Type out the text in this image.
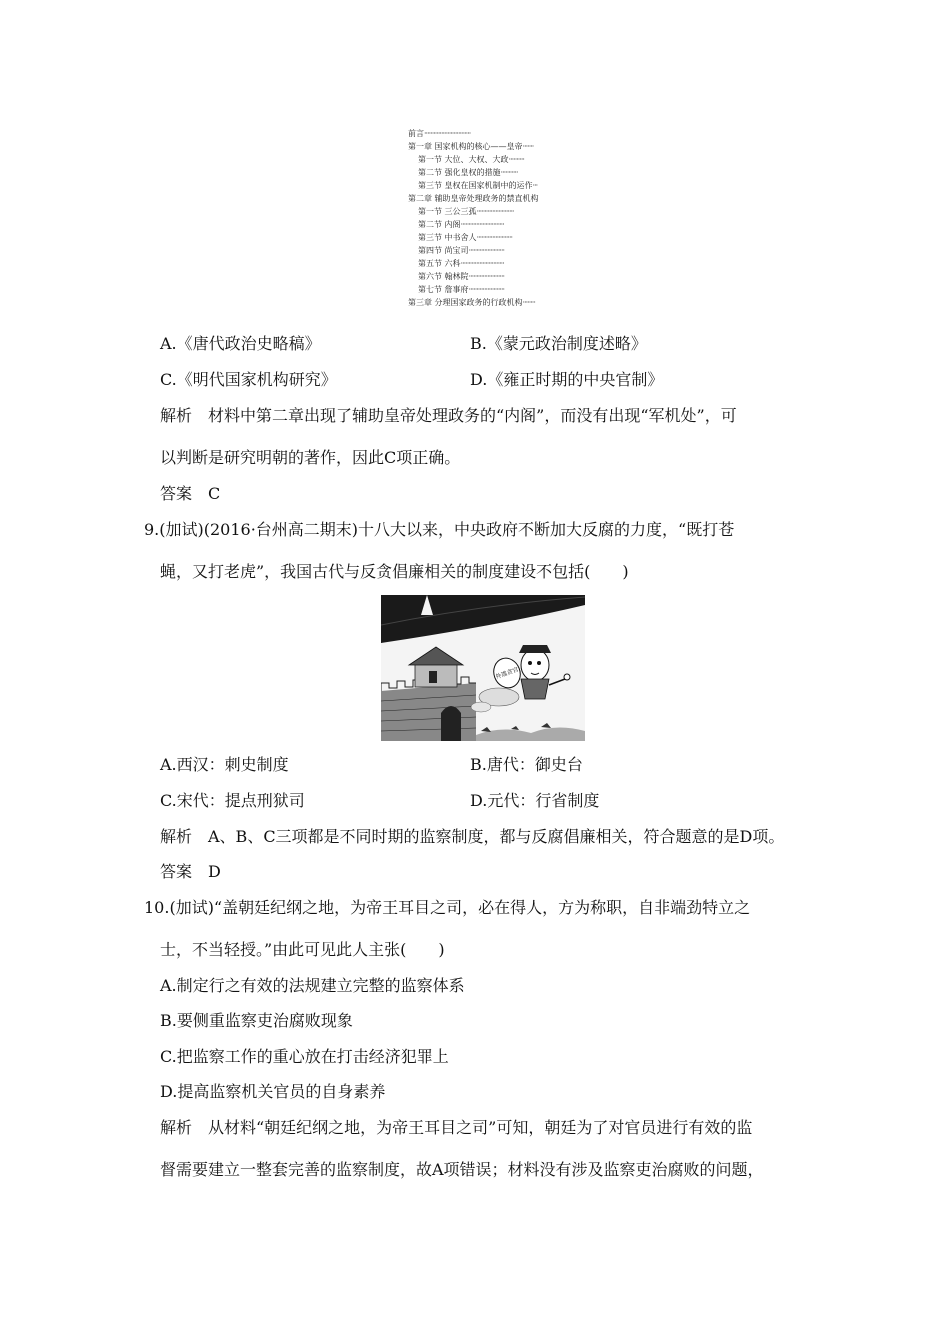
前言······························
第一章 国家机构的核心——皇帝·······
第一节 大位、大权、大政··········
第二节 强化皇权的措施···········
第三节 皇权在国家机制中的运作···
第二章 辅助皇帝处理政务的禁直机构
第一节 三公三孤························
第二节 内阁····························
第三节 中书舍人·······················
第四节 尚宝司·······················
第五节 六科····························
第六节 翰林院·······················
第七节 詹事府·······················
第三章 分理国家政务的行政机构········
A.《唐代政治史略稿》	B.《蒙元政治制度述略》
C.《明代国家机构研究》	D.《雍正时期的中央官制》
解析　材料中第二章出现了辅助皇帝处理政务的“内阁”，而没有出现“军机处”，可
以判断是研究明朝的著作，因此C项正确。
答案　C
9.(加试)(2016·台州高二期末)十八大以来，中央政府不断加大反腐的力度，“既打苍
蝇，又打老虎”，我国古代与反贪倡廉相关的制度建设不包括(　　)
外逃贪官
A.西汉：刺史制度	B.唐代：御史台
C.宋代：提点刑狱司	D.元代：行省制度
解析　A、B、C三项都是不同时期的监察制度，都与反腐倡廉相关，符合题意的是D项。
答案　D
10.(加试)“盖朝廷纪纲之地，为帝王耳目之司，必在得人，方为称职，自非端劲特立之
士，不当轻授。”由此可见此人主张(　　)
A.制定行之有效的法规建立完整的监察体系
B.要侧重监察吏治腐败现象
C.把监察工作的重心放在打击经济犯罪上
D.提高监察机关官员的自身素养
解析　从材料“朝廷纪纲之地，为帝王耳目之司”可知，朝廷为了对官员进行有效的监
督需要建立一整套完善的监察制度，故A项错误；材料没有涉及监察吏治腐败的问题，
